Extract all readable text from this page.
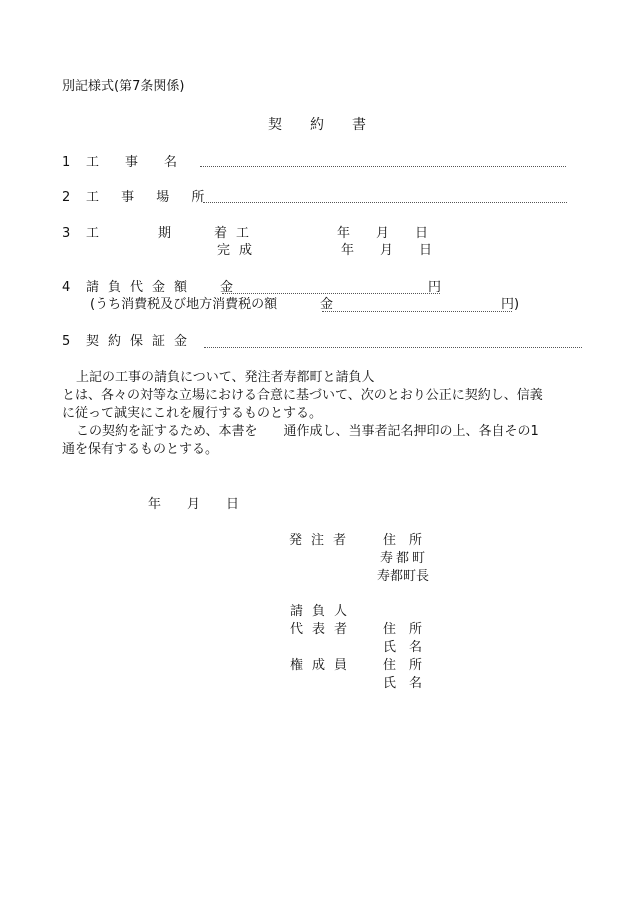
別記様式(第7条関係)
契　　約　　書
1 工　　事　　名
2 工 事 場 所
3 工	期	着工	年　　月　　日
完成	年　　月　　日
4 請負代金額 金	円
(うち消費税及び地方消費税の額	金	円)
5 契約保証金
上記の工事の請負について、発注者寿都町と請負人
とは、各々の対等な立場における合意に基づいて、次のとおり公正に契約し、信義
に従って誠実にこれを履行するものとする。
この契約を証するため、本書を　　通作成し、当事者記名押印の上、各自その1
通を保有するものとする。
年　　月　　日
発注者 住　所
寿都町
寿都町長
請負人
代表者 住　所
氏　名
権成員 住　所
氏　名
